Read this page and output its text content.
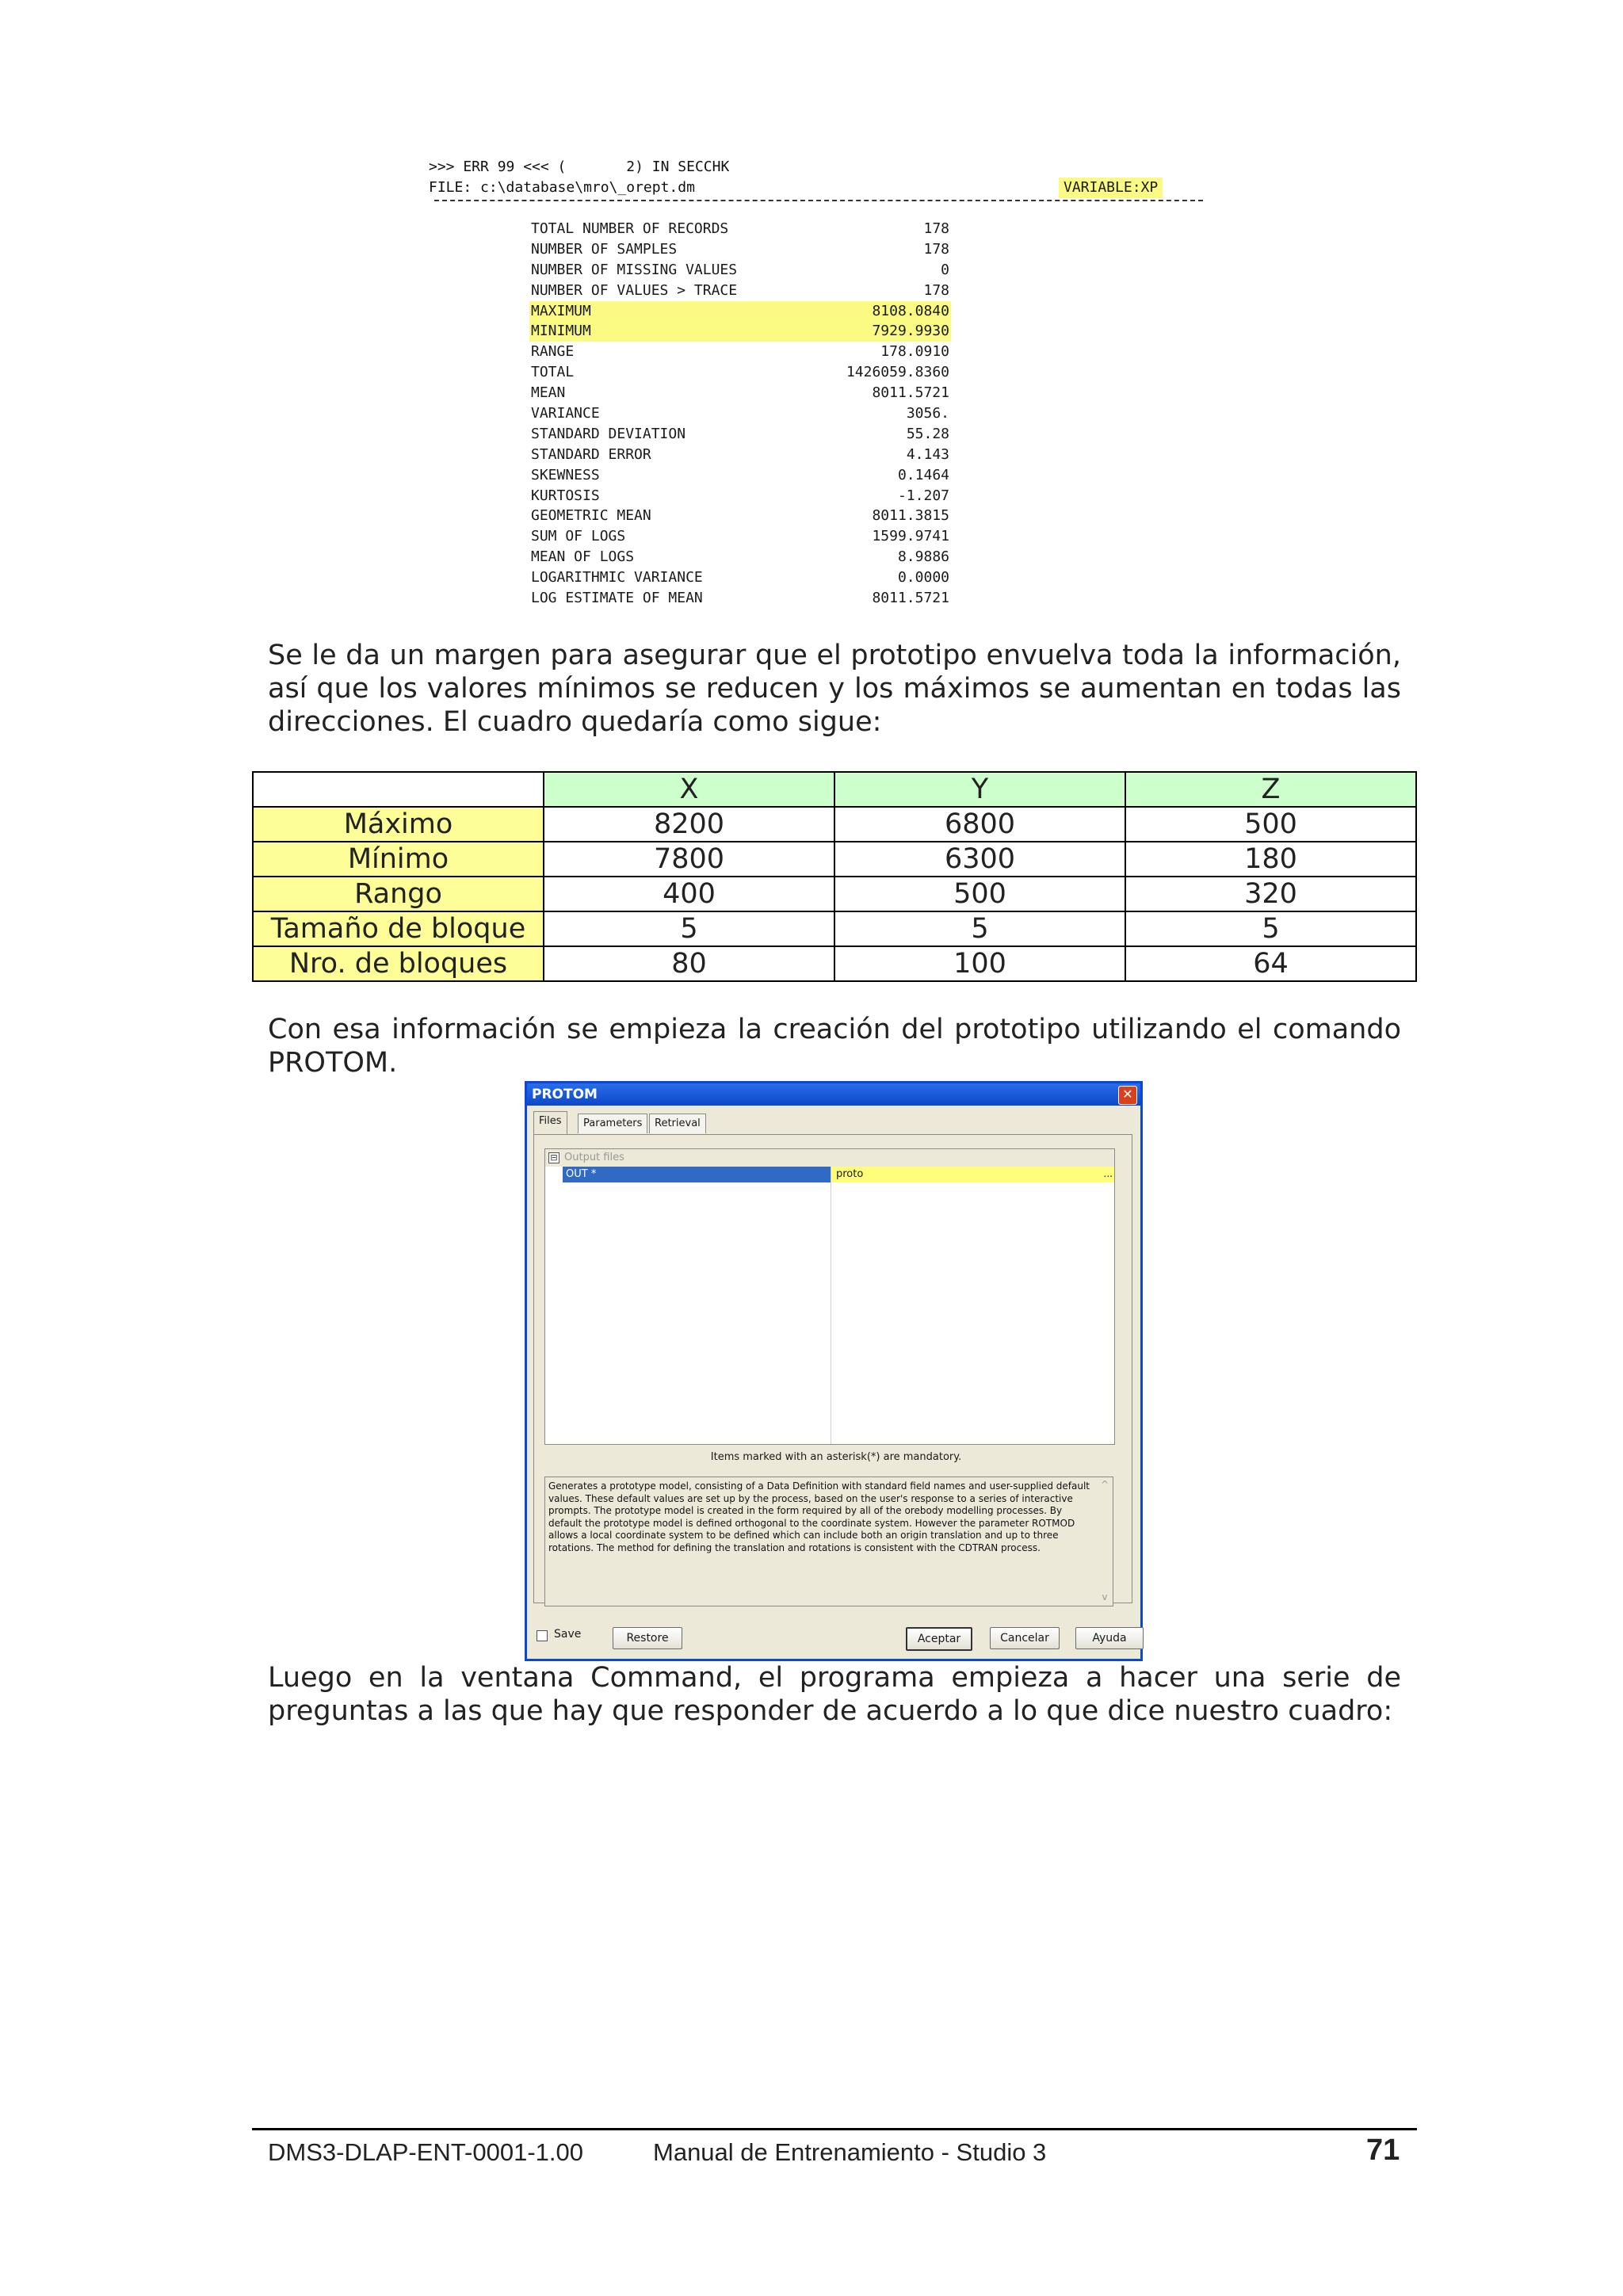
>>> ERR 99 <<< (       2) IN SECCHK
FILE: c:\database\mro\_orept.dm	VARIABLE:XP
TOTAL NUMBER OF RECORDS	178
NUMBER OF SAMPLES	178
NUMBER OF MISSING VALUES	0
NUMBER OF VALUES > TRACE	178
MAXIMUM	8108.0840
MINIMUM	7929.9930
RANGE	178.0910
TOTAL	1426059.8360
MEAN	8011.5721
VARIANCE	3056.
STANDARD DEVIATION	55.28
STANDARD ERROR	4.143
SKEWNESS	0.1464
KURTOSIS	-1.207
GEOMETRIC MEAN	8011.3815
SUM OF LOGS	1599.9741
MEAN OF LOGS	8.9886
LOGARITHMIC VARIANCE	0.0000
LOG ESTIMATE OF MEAN	8011.5721

Se le da un margen para asegurar que el prototipo envuelva toda la información, así que los valores mínimos se reducen y los máximos se aumentan en todas las direcciones. El cuadro quedaría como sigue:

	X	Y	Z
Máximo	8200	6800	500
Mínimo	7800	6300	180
Rango	400	500	320
Tamaño de bloque	5	5	5
Nro. de bloques	80	100	64

Con esa información se empieza la creación del prototipo utilizando el comando PROTOM.

PROTOM	✕
Files	Parameters	Retrieval
⊟ Output files
OUT *	proto	...
Items marked with an asterisk(*) are mandatory.
Generates a prototype model, consisting of a Data Definition with standard field names and user-supplied default values. These default values are set up by the process, based on the user's response to a series of interactive prompts. The prototype model is created in the form required by all of the orebody modelling processes. By default the prototype model is defined orthogonal to the coordinate system. However the parameter ROTMOD allows a local coordinate system to be defined which can include both an origin translation and up to three rotations. The method for defining the translation and rotations is consistent with the CDTRAN process.
^
v
Save	Restore	Aceptar	Cancelar	Ayuda

Luego en la ventana Command, el programa empieza a hacer una serie de preguntas a las que hay que responder de acuerdo a lo que dice nuestro cuadro:

DMS3-DLAP-ENT-0001-1.00	Manual de Entrenamiento - Studio 3	71
